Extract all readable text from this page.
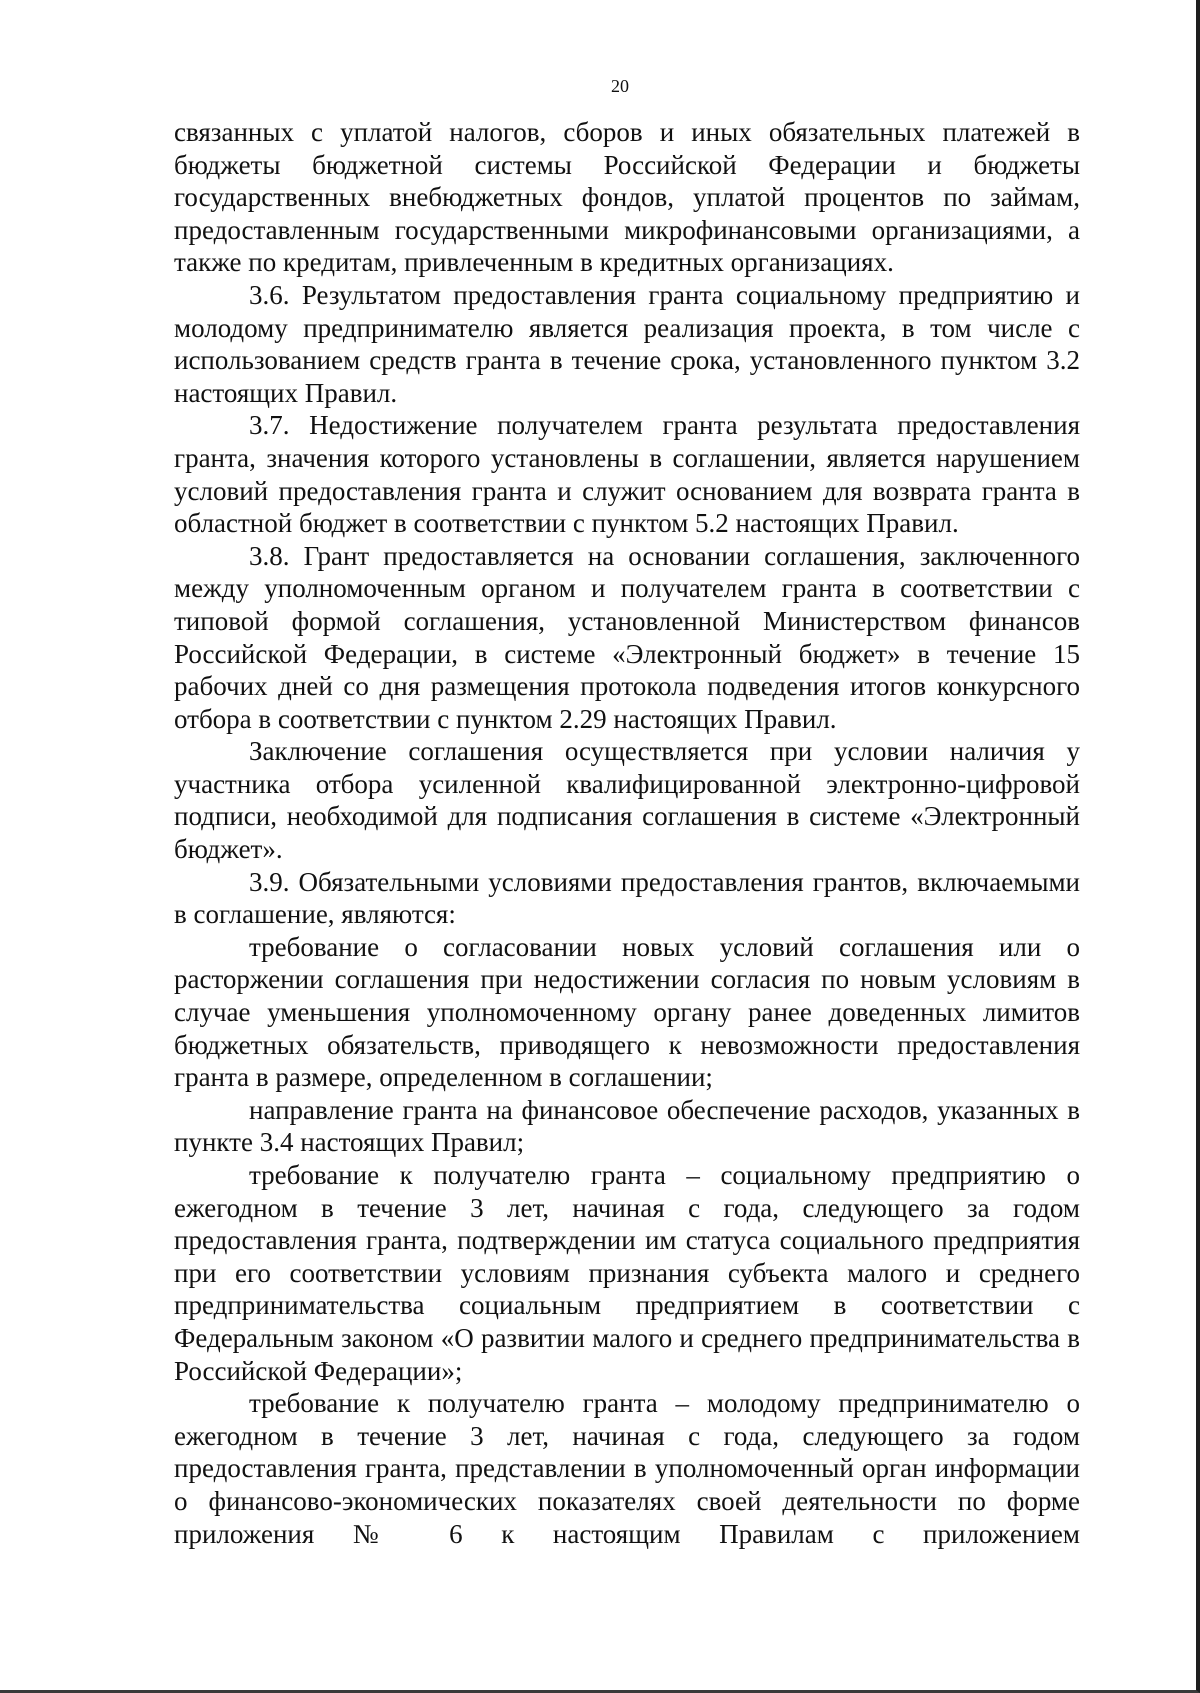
20

связанных с уплатой налогов, сборов и иных обязательных платежей в бюджеты бюджетной системы Российской Федерации и бюджеты государственных внебюджетных фондов, уплатой процентов по займам, предоставленным государственными микрофинансовыми организациями, а также по кредитам, привлеченным в кредитных организациях.

3.6. Результатом предоставления гранта социальному предприятию и молодому предпринимателю является реализация проекта, в том числе с использованием средств гранта в течение срока, установленного пунктом 3.2 настоящих Правил.

3.7. Недостижение получателем гранта результата предоставления гранта, значения которого установлены в соглашении, является нарушением условий предоставления гранта и служит основанием для возврата гранта в областной бюджет в соответствии с пунктом 5.2 настоящих Правил.

3.8. Грант предоставляется на основании соглашения, заключенного между уполномоченным органом и получателем гранта в соответствии с типовой формой соглашения, установленной Министерством финансов Российской Федерации, в системе «Электронный бюджет» в течение 15 рабочих дней со дня размещения протокола подведения итогов конкурсного отбора в соответствии с пунктом 2.29 настоящих Правил.

Заключение соглашения осуществляется при условии наличия у участника отбора усиленной квалифицированной электронно-цифровой подписи, необходимой для подписания соглашения в системе «Электронный бюджет».

3.9. Обязательными условиями предоставления грантов, включаемыми в соглашение, являются:

требование о согласовании новых условий соглашения или о расторжении соглашения при недостижении согласия по новым условиям в случае уменьшения уполномоченному органу ранее доведенных лимитов бюджетных обязательств, приводящего к невозможности предоставления гранта в размере, определенном в соглашении;

направление гранта на финансовое обеспечение расходов, указанных в пункте 3.4 настоящих Правил;

требование к получателю гранта – социальному предприятию о ежегодном в течение 3 лет, начиная с года, следующего за годом предоставления гранта, подтверждении им статуса социального предприятия при его соответствии условиям признания субъекта малого и среднего предпринимательства социальным предприятием в соответствии с Федеральным законом «О развитии малого и среднего предпринимательства в Российской Федерации»;

требование к получателю гранта – молодому предпринимателю о ежегодном в течение 3 лет, начиная с года, следующего за годом предоставления гранта, представлении в уполномоченный орган информации о финансово-экономических показателях своей деятельности по форме приложения № 6 к настоящим Правилам с приложением
